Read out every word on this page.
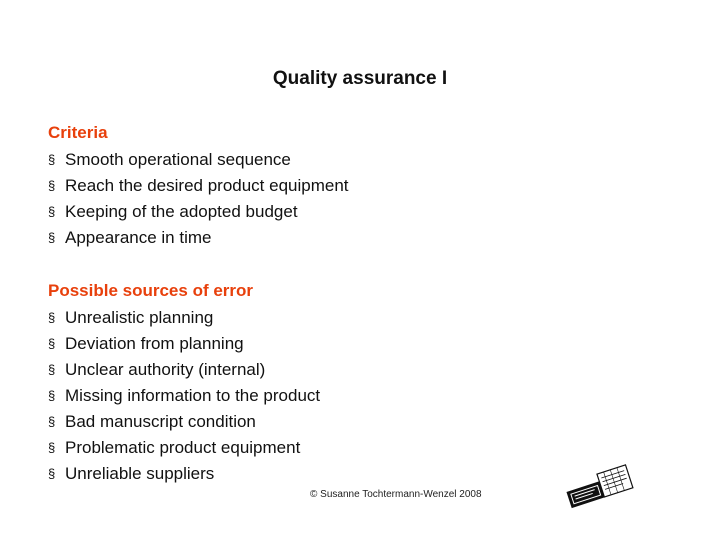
Quality assurance I
Criteria
§ Smooth operational sequence
§ Reach the desired product equipment
§ Keeping of the adopted budget
§ Appearance in time
Possible sources of error
§ Unrealistic planning
§ Deviation from planning
§ Unclear authority (internal)
§ Missing information to the product
§ Bad manuscript condition
§ Problematic product equipment
§ Unreliable suppliers
© Susanne Tochtermann-Wenzel 2008
